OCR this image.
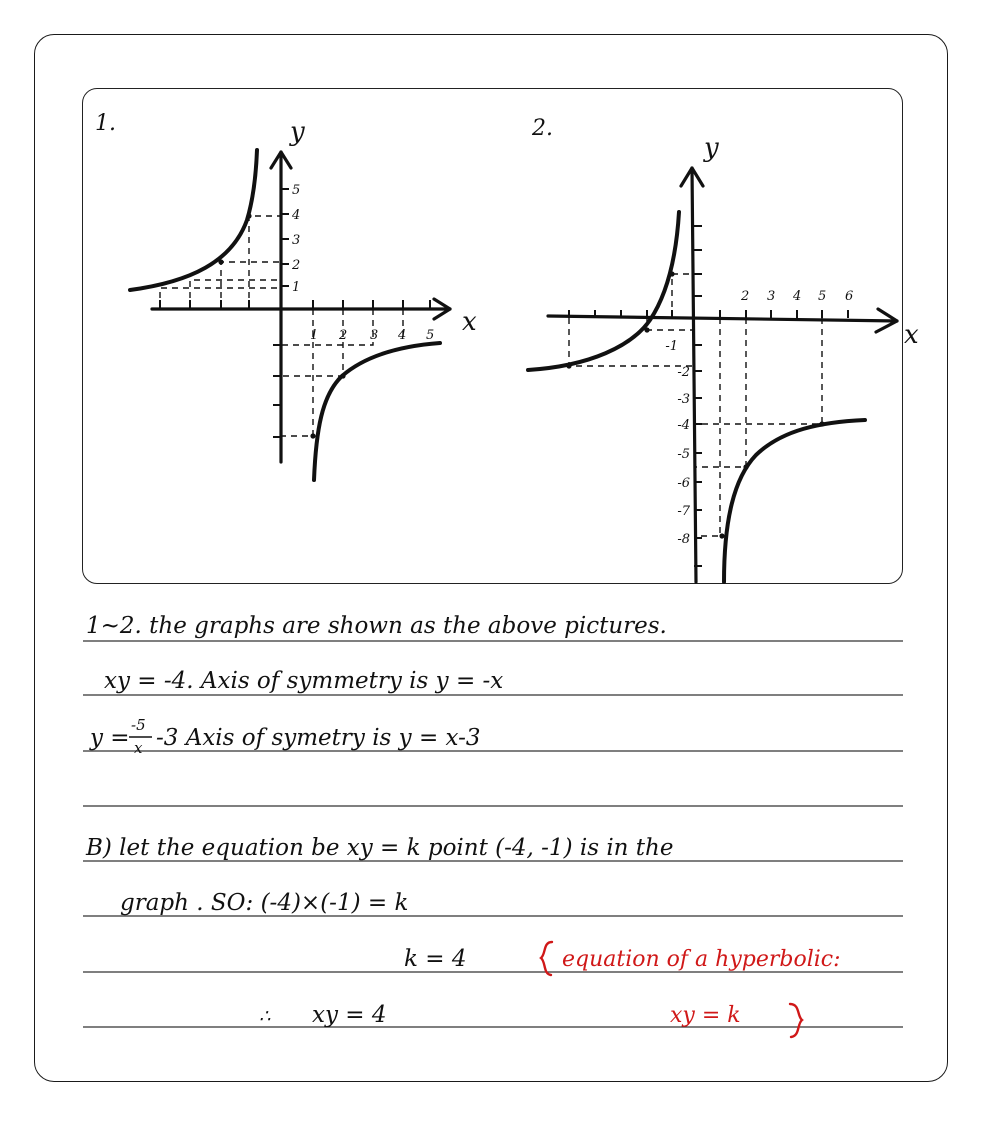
1.
x
y
1 2 3 4 5
5
4
3
2
1
2.
x
y
2 3 4 5 6
-1
-2
-3
-4
-5
-6
-7
-8
1~2. the graphs are shown as the above pictures.
xy = -4. Axis of symmetry is y = -x
y = -5
x -3 Axis of symetry is y = x-3
B) let the equation be xy = k point (-4, -1) is in the
graph . SO: (-4)×(-1) = k
k = 4
∴ xy = 4
equation of a hyperbolic:
xy = k
